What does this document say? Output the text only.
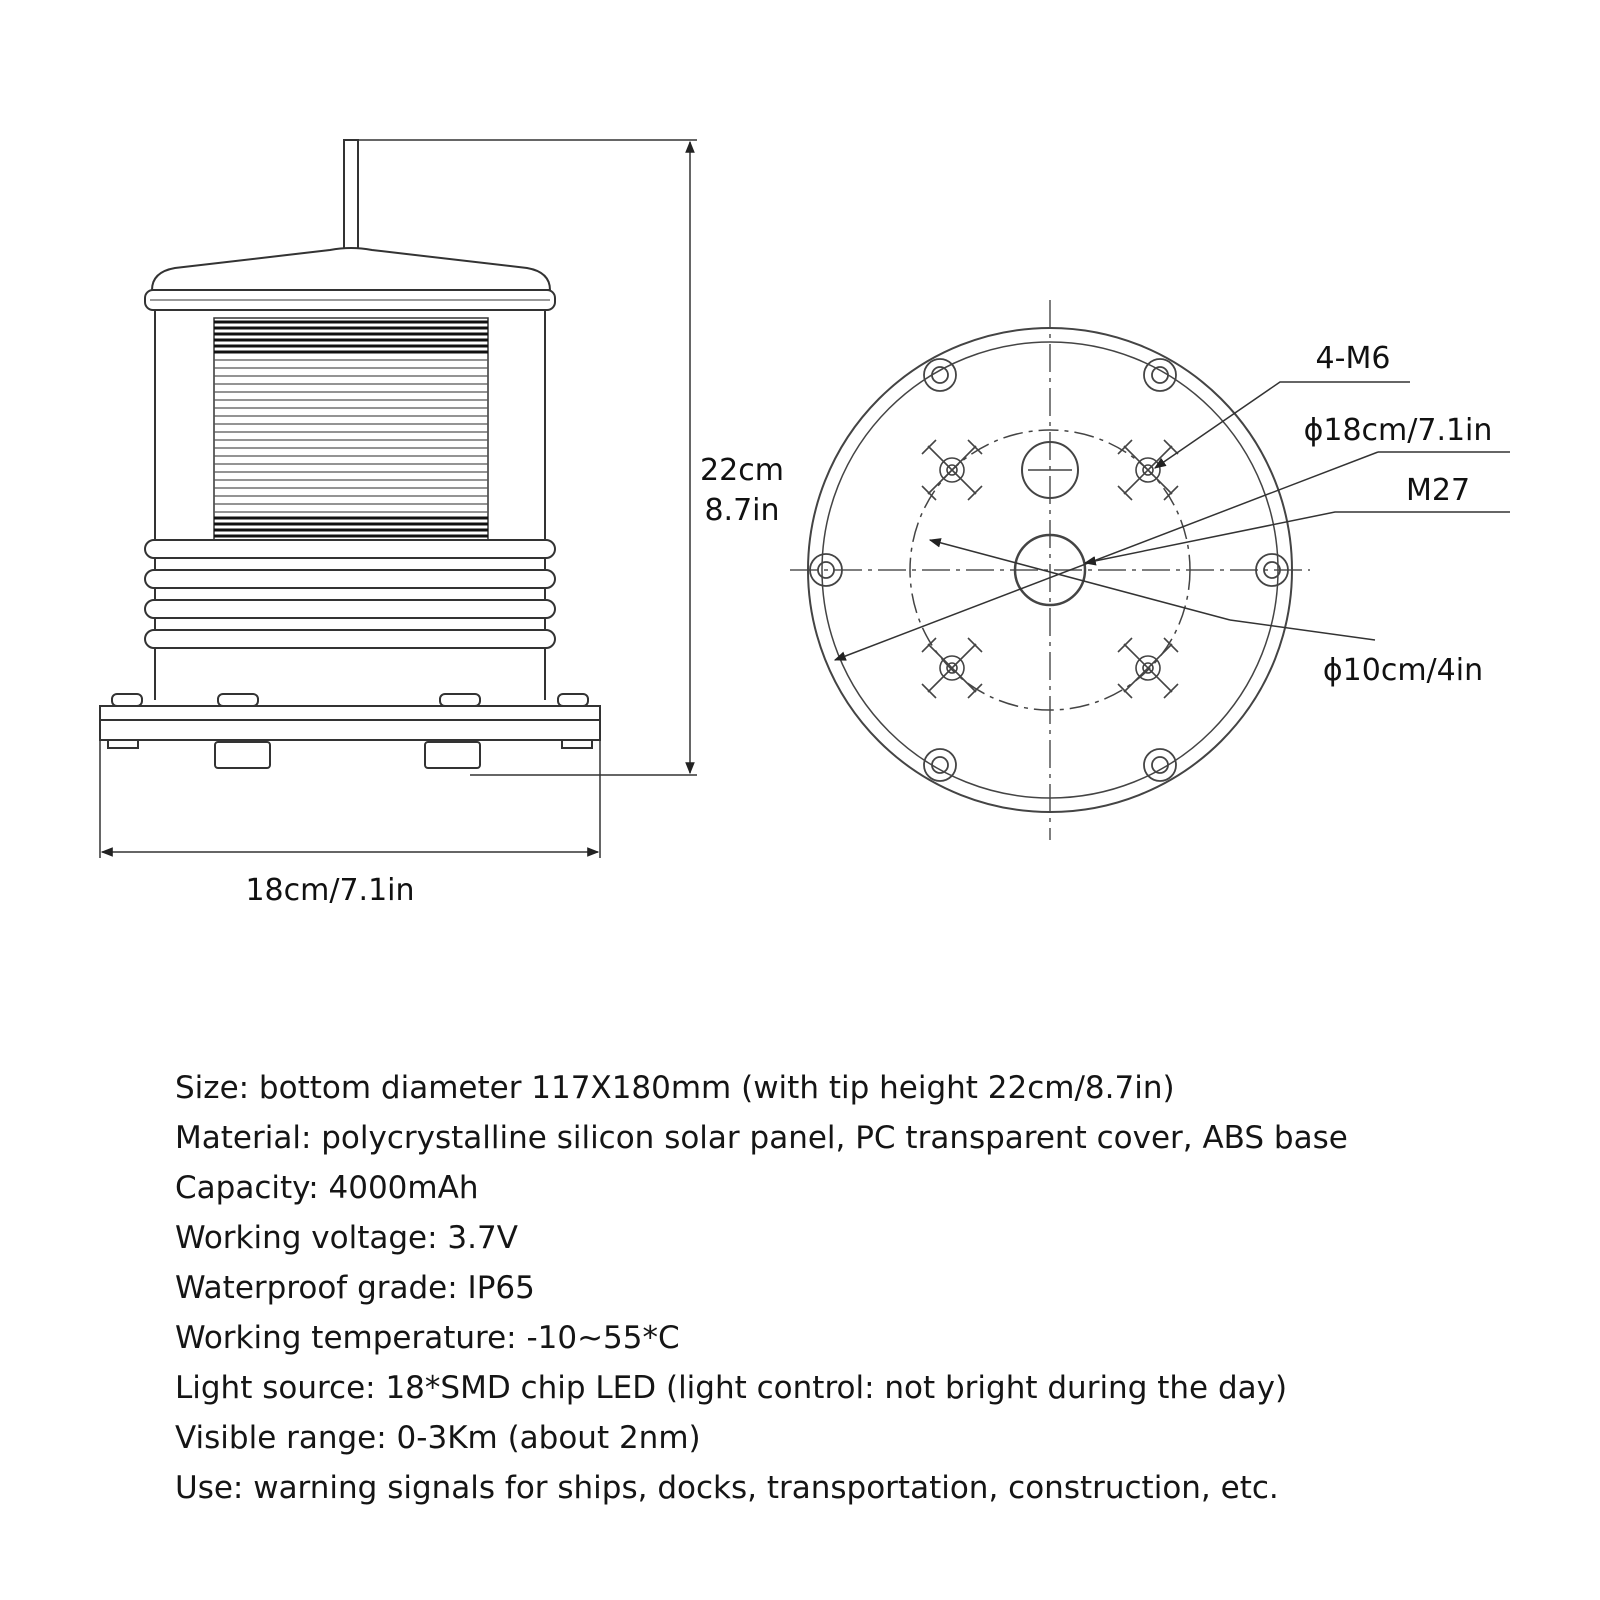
22cm
8.7in
18cm/7.1in
4-M6
ϕ18cm/7.1in
M27
ϕ10cm/4in
Size: bottom diameter 117X180mm (with tip height 22cm/8.7in)
Material: polycrystalline silicon solar panel, PC transparent cover, ABS base
Capacity: 4000mAh
Working voltage: 3.7V
Waterproof grade: IP65
Working temperature: -10~55*C
Light source: 18*SMD chip LED (light control: not bright during the day)
Visible range: 0-3Km (about 2nm)
Use: warning signals for ships, docks, transportation, construction, etc.
